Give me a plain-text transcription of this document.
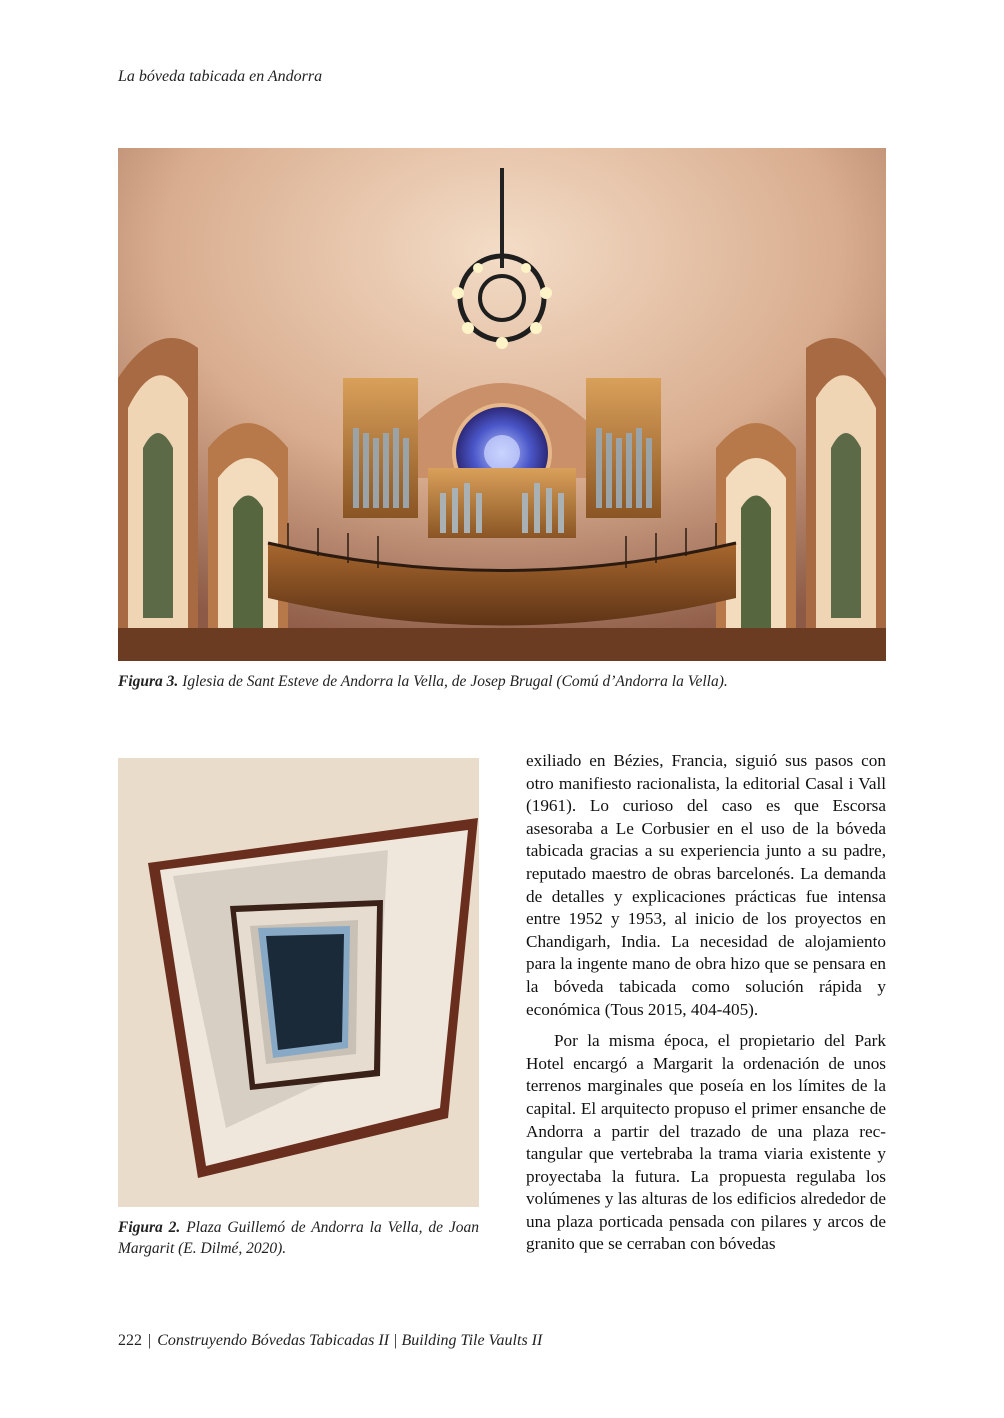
La bóveda tabicada en Andorra
Figura 3. Iglesia de Sant Esteve de Andorra la Vella, de Josep Brugal (Comú d’Andorra la Vella).
Figura 2. Plaza Guillemó de Andorra la Vella, de Joan Margarit (E. Dilmé, 2020).

exiliado en Bézies, Francia, siguió sus pasos con otro manifiesto racionalista, la editorial Casal i Vall (1961). Lo curioso del caso es que Escorsa asesoraba a Le Corbusier en el uso de la bóveda tabicada gracias a su experiencia junto a su padre, reputado maestro de obras barcelonés. La demanda de detalles y explicaciones prácticas fue intensa entre 1952 y 1953, al inicio de los proyectos en Chandigarh, India. La necesidad de alojamiento para la ingente mano de obra hizo que se pensara en la bóveda tabicada como solución rápida y económica (Tous 2015, 404-405).

Por la misma época, el propietario del Park Hotel encargó a Margarit la ordenación de unos terrenos marginales que poseía en los límites de la capital. El arquitecto propuso el primer ensanche de Andorra a partir del trazado de una plaza rectangular que vertebraba la trama viaria existente y proyectaba la futura. La propuesta regulaba los volúmenes y las alturas de los edificios alrededor de una plaza porticada pensada con pilares y arcos de granito que se cerraban con bóvedas

222 | Construyendo Bóvedas Tabicadas II | Building Tile Vaults II
